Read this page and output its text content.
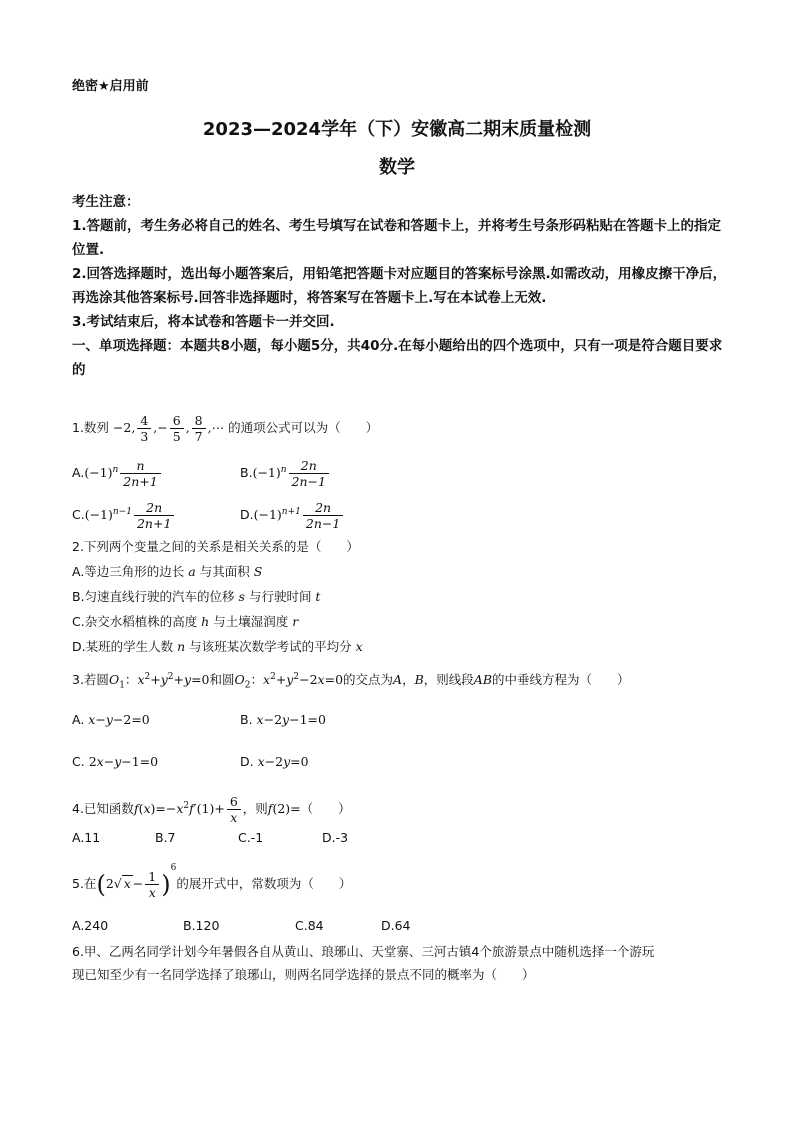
绝密★启用前
2023—2024学年（下）安徽高二期末质量检测
数学

考生注意：

1.答题前，考生务必将自己的姓名、考生号填写在试卷和答题卡上，并将考生号条形码粘贴在答题卡上的指定位置.

2.回答选择题时，选出每小题答案后，用铅笔把答题卡对应题目的答案标号涂黑.如需改动，用橡皮擦干净后，再选涂其他答案标号.回答非选择题时，将答案写在答题卡上.写在本试卷上无效.

3.考试结束后，将本试卷和答题卡一并交回.

一、单项选择题：本题共8小题，每小题5分，共40分.在每小题给出的四个选项中，只有一项是符合题目要求的

1.数列 −2, $\frac{4}{3}$ ,− $\frac{6}{5}$ , $\frac{8}{7}$ ,⋯ 的通项公式可以为（　　）
$A.(-1)^n \frac{n}{2n+1}$	$B.(-1)^n \frac{2n}{2n-1}$
$C.(-1)^{n-1} \frac{2n}{2n+1}$	$D.(-1)^{n+1} \frac{2n}{2n-1}$
2.下列两个变量之间的关系是相关关系的是（　　）
A.等边三角形的边长 a 与其面积 S
B.匀速直线行驶的汽车的位移 s 与行驶时间 t
C.杂交水稻植株的高度 h 与土壤湿润度 r
D.某班的学生人数 n 与该班某次数学考试的平均分 x
3.若圆$O_1$：$x^2+y^2+y=0$和圆$O_2$：$x^2+y^2-2x=0$的交点为A，B，则线段AB的中垂线方程为（　　）
A. x−y−2=0	B. x−2y−1=0
C. 2x−y−1=0	D. x−2y=0
4.已知函数$f(x)=-x^2f'(1)+ \frac{6}{x}$ ，则f(2)=（　　）
A.11	B.7	C.-1	D.-3
5.在(2√ $x - \frac{1}{x} )^6$的展开式中，常数项为（　　）
A.240	B.120	C.84	D.64
6.甲、乙两名同学计划今年暑假各自从黄山、琅琊山、天堂寨、三河古镇4个旅游景点中随机选择一个游玩
现已知至少有一名同学选择了琅琊山，则两名同学选择的景点不同的概率为（　　）
